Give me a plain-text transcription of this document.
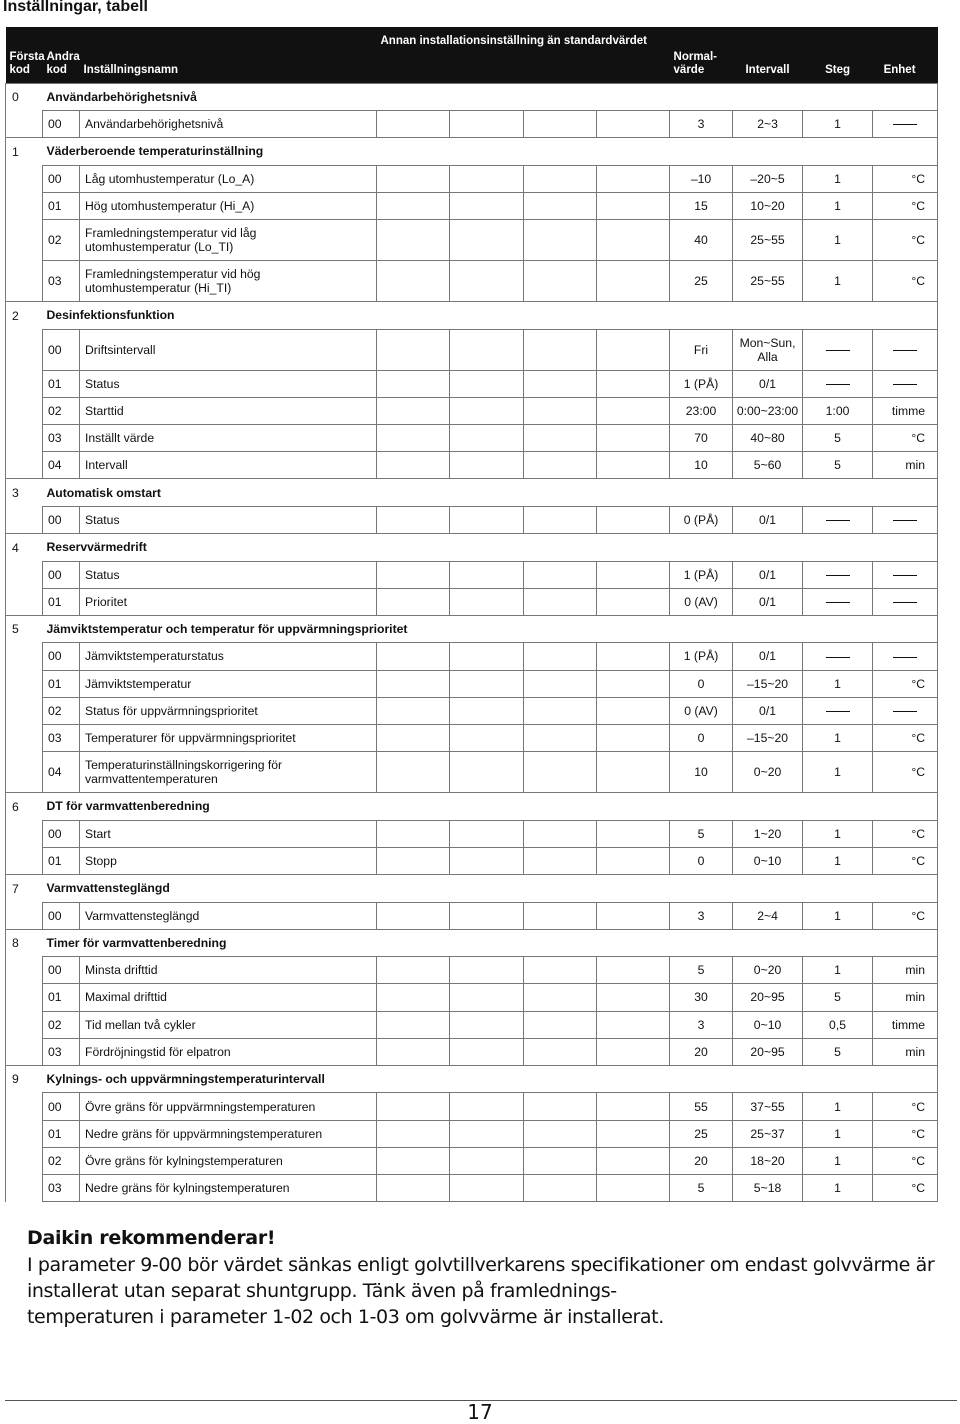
Inställningar, tabell
Första
kod	Andra
kod	Inställningsnamn	Annan installationsinställning än standardvärdet				Normal-
värde	Intervall	Steg	Enhet

0	Användarbehörighetsnivå									
	00	Användarbehörighetsnivå					3	2~3	1	
1	Väderberoende temperaturinställning									
	00	Låg utomhustemperatur (Lo_A)					–10	–20~5	1	°C
	01	Hög utomhustemperatur (Hi_A)					15	10~20	1	°C
	02	Framledningstemperatur vid låg
utomhustemperatur (Lo_TI)					40	25~55	1	°C
	03	Framledningstemperatur vid hög
utomhustemperatur (Hi_TI)					25	25~55	1	°C
2	Desinfektionsfunktion									
	00	Driftsintervall					Fri	Mon~Sun,
Alla		
	01	Status					1 (PÅ)	0/1		
	02	Starttid					23:00	0:00~23:00	1:00	timme
	03	Inställt värde					70	40~80	5	°C
	04	Intervall					10	5~60	5	min
3	Automatisk omstart									
	00	Status					0 (PÅ)	0/1		
4	Reservvärmedrift									
	00	Status					1 (PÅ)	0/1		
	01	Prioritet					0 (AV)	0/1		
5	Jämviktstemperatur och temperatur för uppvärmningsprioritet									
	00	Jämviktstemperaturstatus					1 (PÅ)	0/1		
	01	Jämviktstemperatur					0	–15~20	1	°C
	02	Status för uppvärmningsprioritet					0 (AV)	0/1		
	03	Temperaturer för uppvärmningsprioritet					0	–15~20	1	°C
	04	Temperaturinställningskorrigering för
varmvattentemperaturen					10	0~20	1	°C
6	DT för varmvattenberedning									
	00	Start					5	1~20	1	°C
	01	Stopp					0	0~10	1	°C
7	Varmvattensteglängd									
	00	Varmvattensteglängd					3	2~4	1	°C
8	Timer för varmvattenberedning									
	00	Minsta drifttid					5	0~20	1	min
	01	Maximal drifttid					30	20~95	5	min
	02	Tid mellan två cykler					3	0~10	0,5	timme
	03	Fördröjningstid för elpatron					20	20~95	5	min
9	Kylnings- och uppvärmningstemperaturintervall									
	00	Övre gräns för uppvärmningstemperaturen					55	37~55	1	°C
	01	Nedre gräns för uppvärmningstemperaturen					25	25~37	1	°C
	02	Övre gräns för kylningstemperaturen					20	18~20	1	°C
	03	Nedre gräns för kylningstemperaturen					5	5~18	1	°C
Daikin rekommenderar!
I parameter 9-00 bör värdet sänkas enligt golvtillverkarens specifikationer om endast golvvärme är
installerat utan separat shuntgrupp. Tänk även på framlednings-
temperaturen i parameter 1-02 och 1-03 om golvvärme är installerat.
17
